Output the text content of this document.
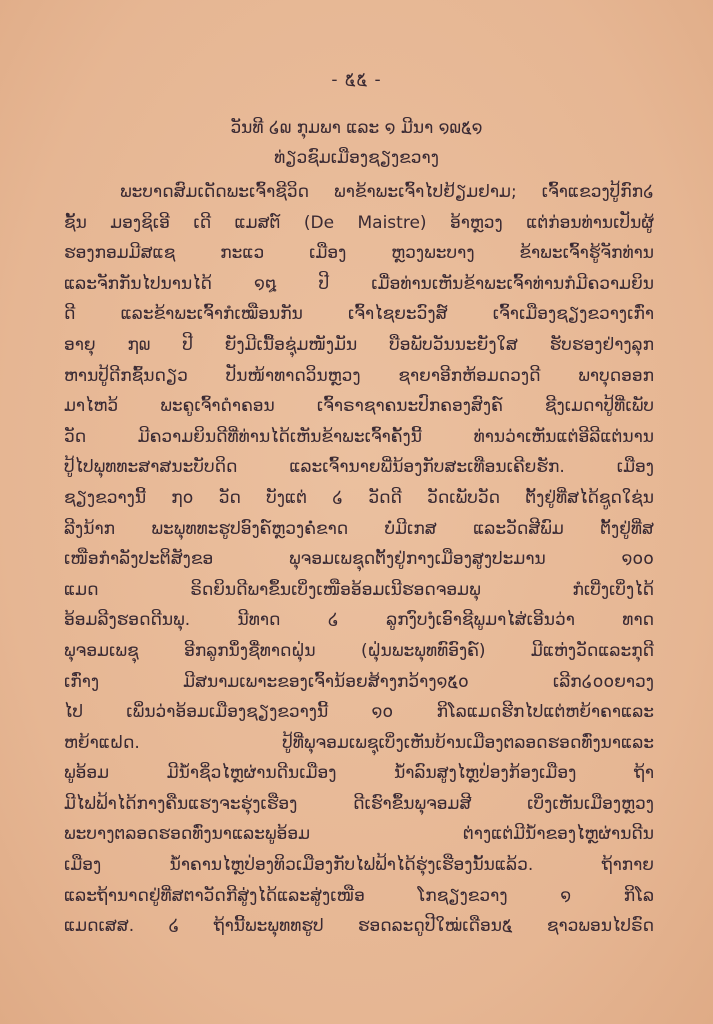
- ໕໕ -
ວັນທີ ໒໙ ກຸມພາ ແລະ ໑ ມີນາ ໑໙໕໑
ທ່ຽວຊົມເມືອງຊຽງຂວາງ
ພະບາດສົມເດັດພະເຈົ້າຊີວິດ ພາຂ້າພະເຈົ້າໄປຢ້ຽມຢາມ; ເຈົ້າແຂວງປູ້ກົກ໒
ຊັ້ນ ມອງຊິເອີ ເດີ ແມສຕ໌ (De Maistre) ອ້າຫຼວງ ແຕ່ກ່ອນທ່ານເປັນຜູ້
ຮອງກອມມີສແຊ ກະແວ ເມືອງ ຫຼວງພະບາງ ຂ້າພະເຈົ້າຮູ້ຈັກທ່ານ
ແລະຈັກກັນໄປນານໄດ້ ໑໘ ປີ ເມື່ອທ່ານເຫັນຂ້າພະເຈົ້າທ່ານກໍມີຄວາມຍິນ
ດີ ແລະຂ້າພະເຈົ້າກໍເໝືອນກັນ ເຈົ້າໄຊຍະວົງສ໌ ເຈົ້າເມືອງຊຽງຂວາງເກົ່າ
ອາຍຸ ໗໙ ປີ ຍັງມີເນື້ອຊຸ່ມໜັງມັນ ບືອພັບວັນນະຍັງໃສ ຮັບຮອງຢ່າງລຸກ
ຫານປູ້ດີກຊົ້ນດຽວ ປັນໜ້າທາດວິນຫຼວງ ຊາຍາອີກຫ້ອມດວງດີ ພາບຸດອອກ
ມາໄຫວ້ ພະຄູເຈົ້າດໍາຄອນ ເຈົ້າຣາຊາຄນະປົກຄອງສົງຄ໌ ຊີງເມດາປູ້ທີ່ເພັບ
ວັດ ມີຄວາມຍິນດີທີ່ທ່ານໄດ້ເຫັນຂ້າພະເຈົ້າຄັ້ງນີ້ ທ່ານວ່າເຫັນແຕ່ອີລີແຕ່ນານ
ປູ້ໄປພຸທທະສາສນະບັບດິດ ແລະເຈົ້ານາຍພີ່ນ້ອງກັບສະເທືອນເຄີຍຮັກ. ເມືອງ
ຊຽງຂວາງນີ້ ໗໐ ວັດ ບັງແຕ່ ໒ ວັດດີ ວັດເພັບວັດ ຕັ້ງຢູ່ທີ່ສໄດ້ຊູດໃຊ່ນ
ລີງນ້າກ ພະພຸທທະຮູປອົງຄ໌ຫຼວງຄໍ່ຂາດ ບໍ່ມີເກສ ແລະວັດສີພົມ ຕັ້ງຢູ່ທີ່ສ
ເໜືອກໍາລັງປະຕິສັງຂອ ພຸຈອມເພຊຸດຕັ້ງຢູ່ກາງເມືອງສູງປະມານ ໑໐໐
ແມດ ຣິດຍິນດີພາຂຶ້ນເບິ່ງເໜືອອ້ອມເນີຮອດຈອມພຸ ກໍເບີ່ງເບິ່ງໄດ້
ອ້ອມລີງຮອດດີນພຸ. ນີທາດ ໒ ລູກງົບງໍເອົາຊີພູມາໄສ່ເອີນວ່າ ທາດ
ພຸຈອມເພຊຸ ອີກລູກນຶ່ງຊື່ທາດຝຸ່ນ (ຝຸ່ນພະພຸທທົອົງຄ໌) ມີແຫ່ງວັດແລະກຸດີ
ເກົ່າງ ມີສນາມເພາະຂອງເຈົ້ານ້ອຍສ້າງກວ້າງ໑໕໐ ເລີກ໒໐໐ຍາວງ
ໄປ ເພິ່ນວ່າອ້ອມເມືອງຊຽງຂວາງນີ້ ໑໐ ກິໂລແມດຮີກໄປແຕ່ຫຍ້າຄາແລະ
ຫຍ້າແຝດ. ປູ້ທີ່ພຸຈອມເພຊຸເບິ່ງເຫັນບ້ານເມືອງຕລອດຮອດທົ່ງນາແລະ
ພູອ້ອມ ມີນໍ້າຊິ່ວໄຫຼຜ່ານດີນເມືອງ ນໍ້າລົນສູງໄຫຼປ່ອງກ້ອງເມືອງ ຖ້າ
ມີໄຟຟ້າໄດ້ກາງຄືນແຮງຈະຮຸ່ງເຮືອງ ດີເຮົາຂຶ້ນພຸຈອມສີ ເບິ່ງເຫັນເມືອງຫຼວງ
ພະບາງຕລອດຮອດທົ່ງນາແລະພູອ້ອມ ຕ່າງແຕ່ມີນໍ້າຂອງໄຫຼຜ່ານດີນ
ເມືອງ ນໍ້າຄານໄຫຼປ່ອງທິວເມືອງກັບໄຟຟ້າໄດ້ຮຸ່ງເຮືອງນັ້ນແລ້ວ. ຖ້າກາຍ
ແລະຖ້ານາດຢູ່ທີ່ສຕາວັດກີສູ່ງໄດ້ແລະສູ່ງເໜືອ ໂກຊຽງຂວາງ ໑ ກິໂລ
ແມດເສສ. ໒ ຖ້ານີ້ພະພຸທທຮູປ ຮອດລະດູປີໃໝ່ເດືອນ໕ ຊາວພອນໄປຣົດ
